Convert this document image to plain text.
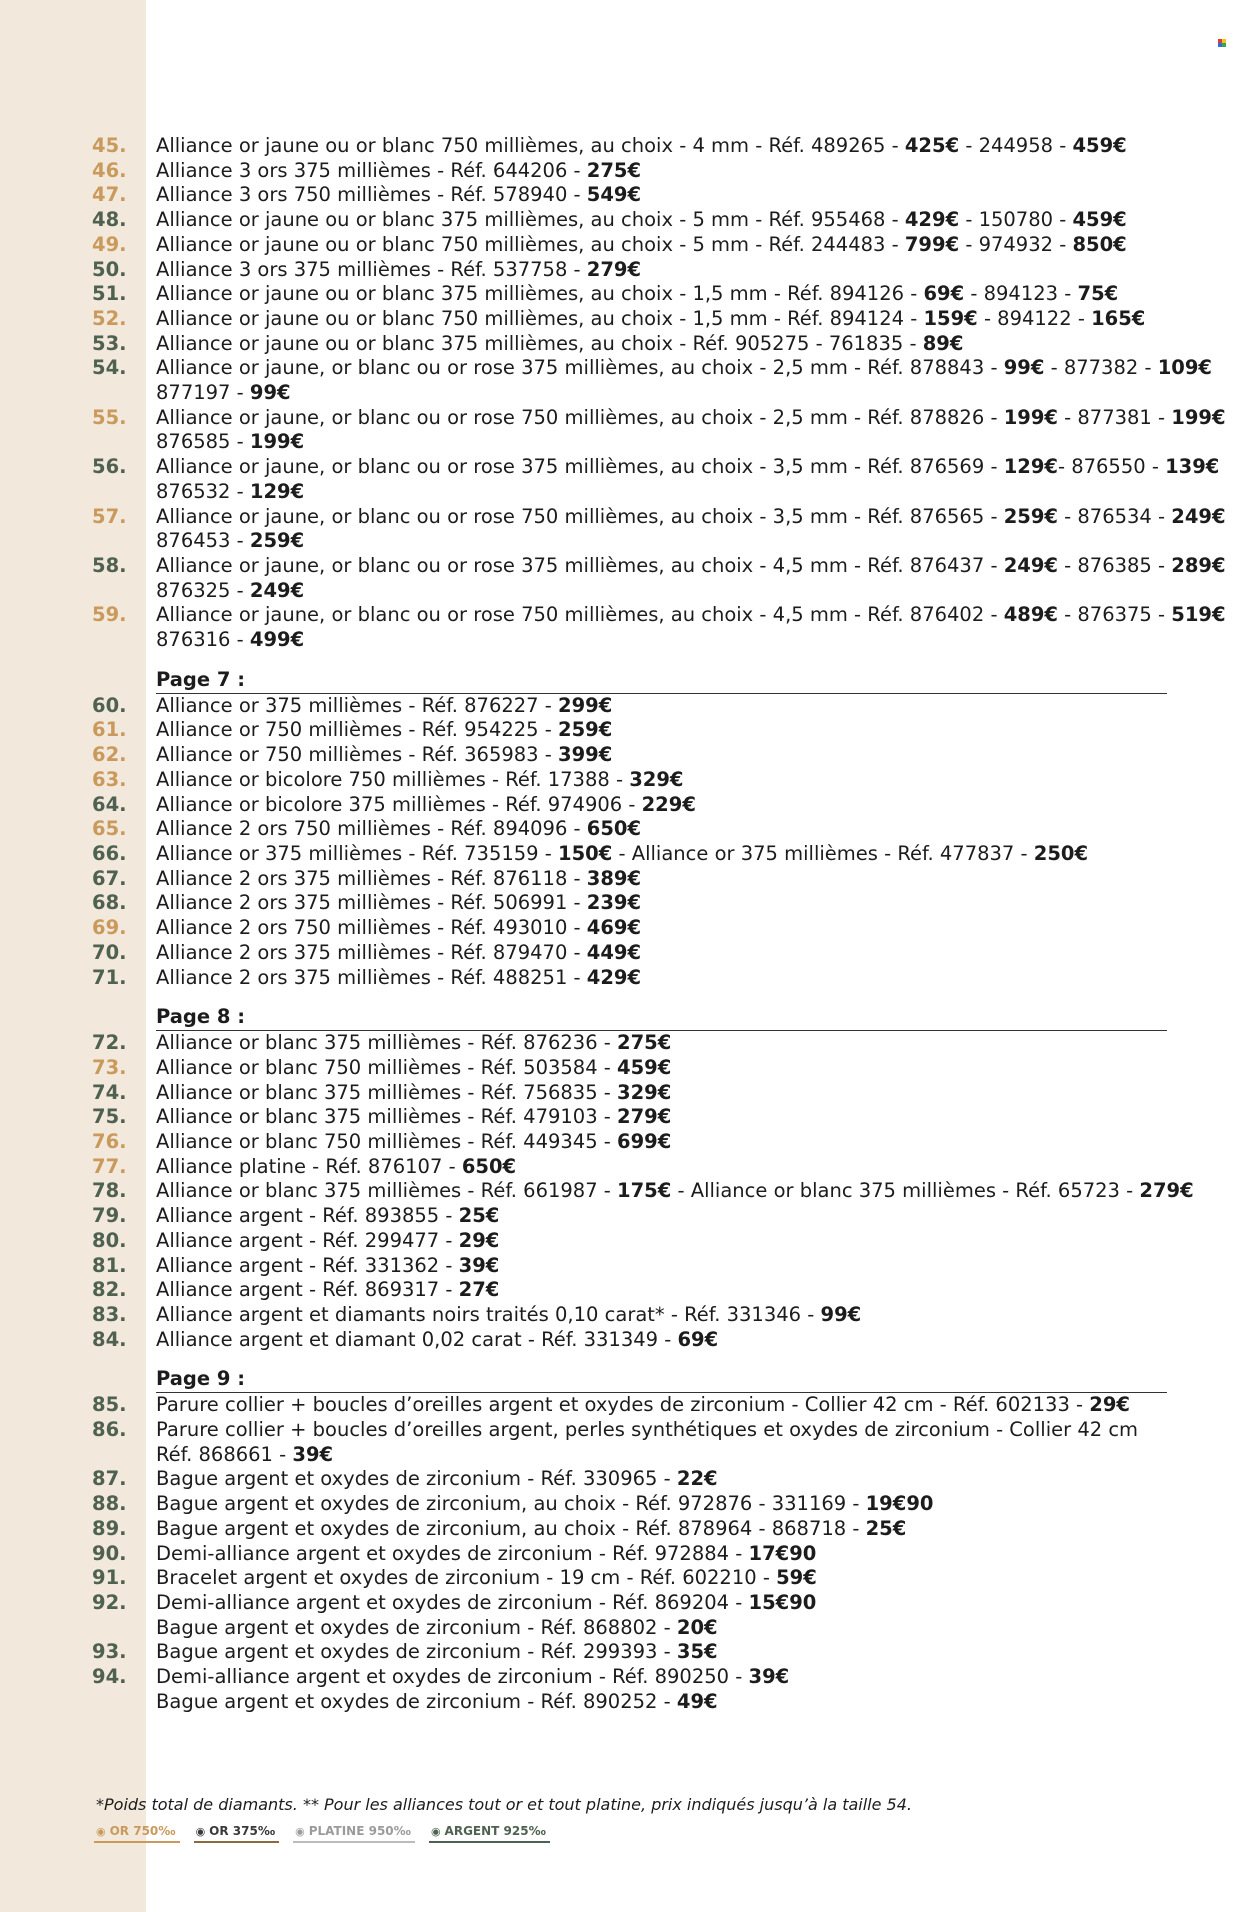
45.	Alliance or jaune ou or blanc 750 millièmes, au choix - 4 mm - Réf. 489265 - 425€ - 244958 - 459€
46.	Alliance 3 ors 375 millièmes - Réf. 644206 - 275€
47.	Alliance 3 ors 750 millièmes - Réf. 578940 - 549€
48.	Alliance or jaune ou or blanc 375 millièmes, au choix - 5 mm - Réf. 955468 - 429€ - 150780 - 459€
49.	Alliance or jaune ou or blanc 750 millièmes, au choix - 5 mm - Réf. 244483 - 799€ - 974932 - 850€
50.	Alliance 3 ors 375 millièmes - Réf. 537758 - 279€
51.	Alliance or jaune ou or blanc 375 millièmes, au choix - 1,5 mm - Réf. 894126 - 69€ - 894123 - 75€
52.	Alliance or jaune ou or blanc 750 millièmes, au choix - 1,5 mm - Réf. 894124 - 159€ - 894122 - 165€
53.	Alliance or jaune ou or blanc 375 millièmes, au choix - Réf. 905275 - 761835 - 89€
54.	Alliance or jaune, or blanc ou or rose 375 millièmes, au choix - 2,5 mm - Réf. 878843 - 99€ - 877382 - 109€
877197 - 99€
55.	Alliance or jaune, or blanc ou or rose 750 millièmes, au choix - 2,5 mm - Réf. 878826 - 199€ - 877381 - 199€
876585 - 199€
56.	Alliance or jaune, or blanc ou or rose 375 millièmes, au choix - 3,5 mm - Réf. 876569 - 129€- 876550 - 139€
876532 - 129€
57.	Alliance or jaune, or blanc ou or rose 750 millièmes, au choix - 3,5 mm - Réf. 876565 - 259€ - 876534 - 249€
876453 - 259€
58.	Alliance or jaune, or blanc ou or rose 375 millièmes, au choix - 4,5 mm - Réf. 876437 - 249€ - 876385 - 289€
876325 - 249€
59.	Alliance or jaune, or blanc ou or rose 750 millièmes, au choix - 4,5 mm - Réf. 876402 - 489€ - 876375 - 519€
876316 - 499€
Page 7 :
60.	Alliance or 375 millièmes - Réf. 876227 - 299€
61.	Alliance or 750 millièmes - Réf. 954225 - 259€
62.	Alliance or 750 millièmes - Réf. 365983 - 399€
63.	Alliance or bicolore 750 millièmes - Réf. 17388 - 329€
64.	Alliance or bicolore 375 millièmes - Réf. 974906 - 229€
65.	Alliance 2 ors 750 millièmes - Réf. 894096 - 650€
66.	Alliance or 375 millièmes - Réf. 735159 - 150€ - Alliance or 375 millièmes - Réf. 477837 - 250€
67.	Alliance 2 ors 375 millièmes - Réf. 876118 - 389€
68.	Alliance 2 ors 375 millièmes - Réf. 506991 - 239€
69.	Alliance 2 ors 750 millièmes - Réf. 493010 - 469€
70.	Alliance 2 ors 375 millièmes - Réf. 879470 - 449€
71.	Alliance 2 ors 375 millièmes - Réf. 488251 - 429€
Page 8 :
72.	Alliance or blanc 375 millièmes - Réf. 876236 - 275€
73.	Alliance or blanc 750 millièmes - Réf. 503584 - 459€
74.	Alliance or blanc 375 millièmes - Réf. 756835 - 329€
75.	Alliance or blanc 375 millièmes - Réf. 479103 - 279€
76.	Alliance or blanc 750 millièmes - Réf. 449345 - 699€
77.	Alliance platine - Réf. 876107 - 650€
78.	Alliance or blanc 375 millièmes - Réf. 661987 - 175€ - Alliance or blanc 375 millièmes - Réf. 65723 - 279€
79.	Alliance argent - Réf. 893855 - 25€
80.	Alliance argent - Réf. 299477 - 29€
81.	Alliance argent - Réf. 331362 - 39€
82.	Alliance argent - Réf. 869317 - 27€
83.	Alliance argent et diamants noirs traités 0,10 carat* - Réf. 331346 - 99€
84.	Alliance argent et diamant 0,02 carat - Réf. 331349 - 69€
Page 9 :
85.	Parure collier + boucles d’oreilles argent et oxydes de zirconium - Collier 42 cm - Réf. 602133 - 29€
86.	Parure collier + boucles d’oreilles argent, perles synthétiques et oxydes de zirconium - Collier 42 cm
Réf. 868661 - 39€
87.	Bague argent et oxydes de zirconium - Réf. 330965 - 22€
88.	Bague argent et oxydes de zirconium, au choix - Réf. 972876 - 331169 - 19€90
89.	Bague argent et oxydes de zirconium, au choix - Réf. 878964 - 868718 - 25€
90.	Demi-alliance argent et oxydes de zirconium - Réf. 972884 - 17€90
91.	Bracelet argent et oxydes de zirconium - 19 cm - Réf. 602210 - 59€
92.	Demi-alliance argent et oxydes de zirconium - Réf. 869204 - 15€90
Bague argent et oxydes de zirconium - Réf. 868802 - 20€
93.	Bague argent et oxydes de zirconium - Réf. 299393 - 35€
94.	Demi-alliance argent et oxydes de zirconium - Réf. 890250 - 39€
Bague argent et oxydes de zirconium - Réf. 890252 - 49€
*Poids total de diamants. ** Pour les alliances tout or et tout platine, prix indiqués jusqu’à la taille 54.
◉ OR 750‰ ◉ OR 375‰ ◉ PLATINE 950‰ ◉ ARGENT 925‰
